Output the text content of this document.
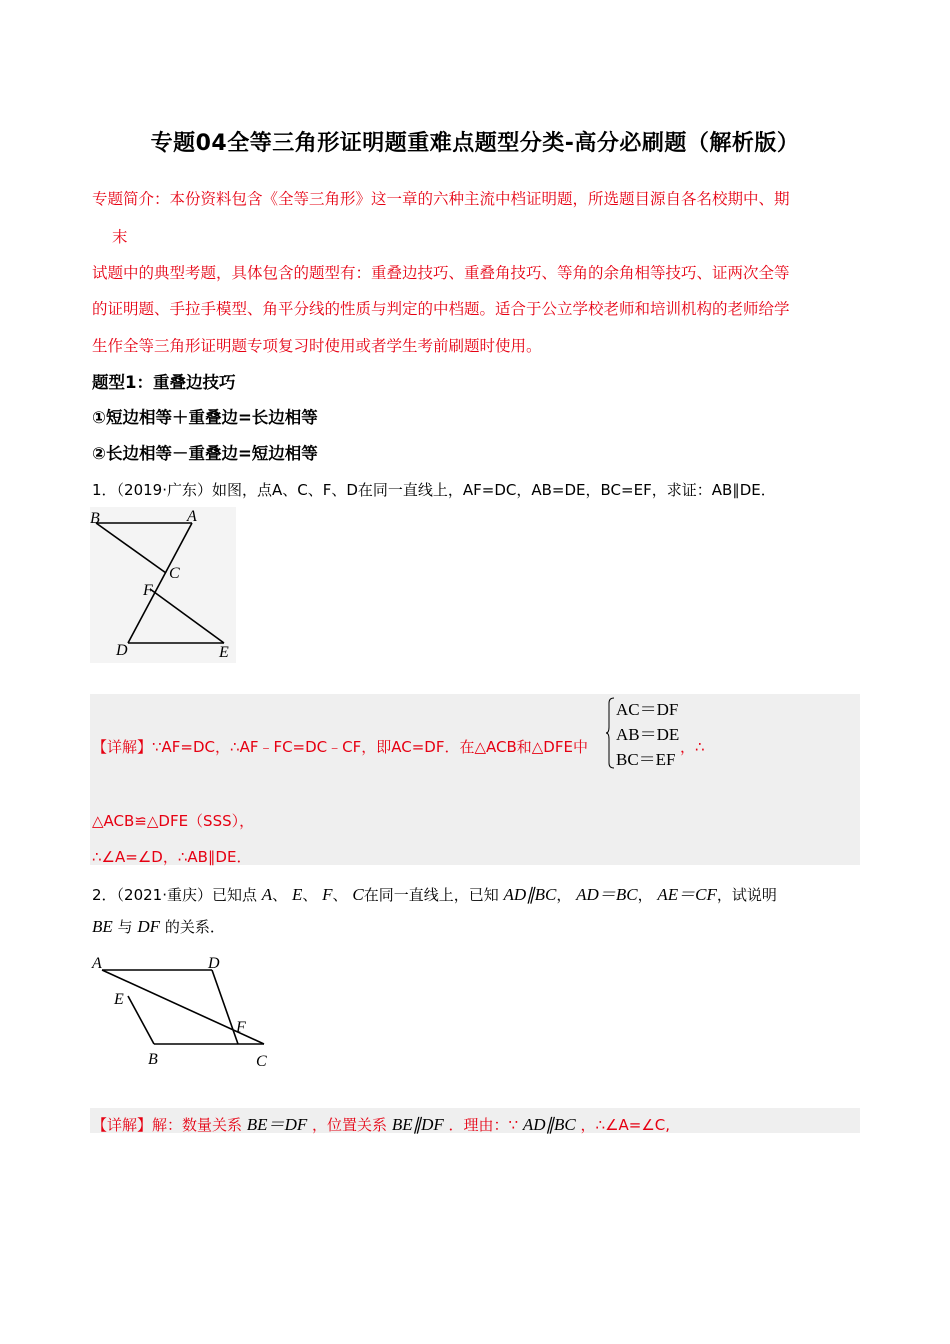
专题04全等三角形证明题重难点题型分类-高分必刷题（解析版）
专题简介：本份资料包含《全等三角形》这一章的六种主流中档证明题，所选题目源自各名校期中、期
末
试题中的典型考题，具体包含的题型有：重叠边技巧、重叠角技巧、等角的余角相等技巧、证两次全等
的证明题、手拉手模型、角平分线的性质与判定的中档题。适合于公立学校老师和培训机构的老师给学
生作全等三角形证明题专项复习时使用或者学生考前刷题时使用。
题型1：重叠边技巧
①短边相等＋重叠边=长边相等
②长边相等－重叠边=短边相等
1．（2019·广东）如图，点A、C、F、D在同一直线上，AF=DC，AB=DE，BC=EF，求证：AB∥DE．
B	A
C
F
D	E
【详解】∵AF=DC，∴AF﹣FC=DC﹣CF，即AC=DF．在△ACB和△DFE中
AC＝DF
AB＝DE
BC＝EF
，∴
△ACB≌△DFE（SSS），
∴∠A=∠D，∴AB∥DE．
2．（2021·重庆）已知点 A、 E、 F、 C在同一直线上，已知 AD∥BC， AD＝BC， AE＝CF，试说明
BE 与 DF 的关系．
A	D
E
F
B	C
【详解】解：数量关系 BE＝DF ，位置关系 BE∥DF ．理由：∵ AD∥BC ，∴∠A=∠C,
